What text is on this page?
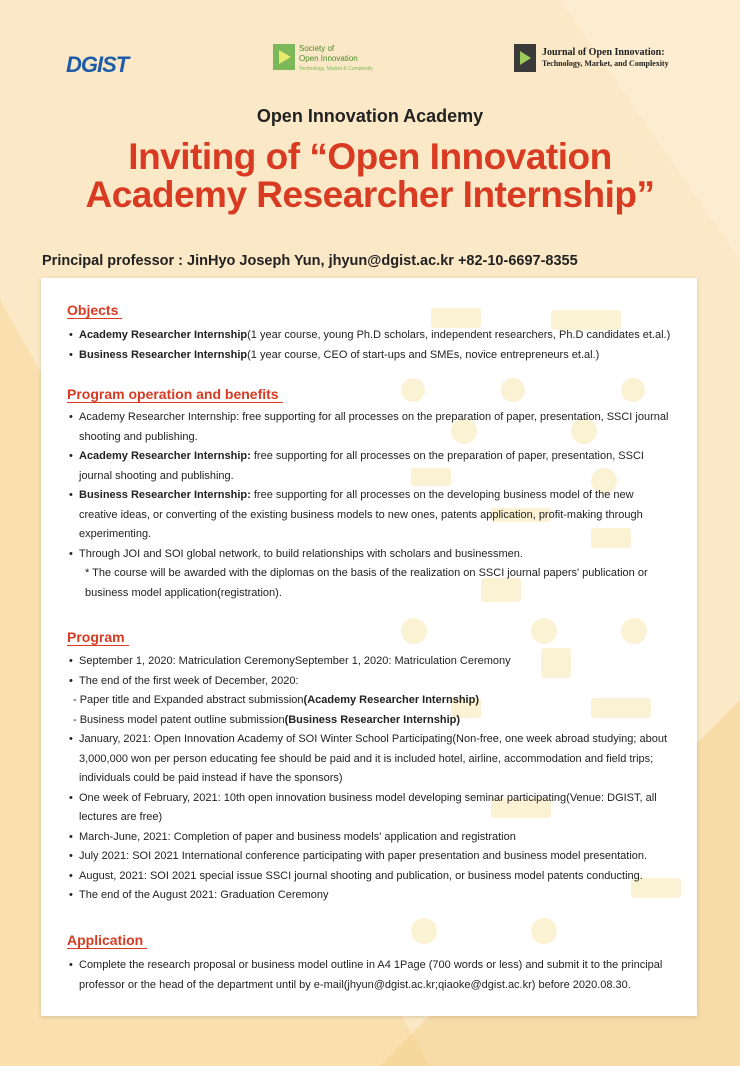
DGIST
Society of
Open Innovation
Technology, Market & Complexity
Journal of Open Innovation:
Technology, Market, and Complexity
Open Innovation Academy
Inviting of “Open Innovation
Academy Researcher Internship”
Principal professor : JinHyo Joseph Yun, jhyun@dgist.ac.kr +82-10-6697-8355
Objects
• Academy Researcher Internship(1 year course, young Ph.D scholars, independent researchers, Ph.D candidates et.al.)
• Business Researcher Internship(1 year course, CEO of start-ups and SMEs, novice entrepreneurs et.al.)
Program operation and benefits
• Academy Researcher Internship: free supporting for all processes on the preparation of paper, presentation, SSCI journal shooting and publishing.
• Academy Researcher Internship: free supporting for all processes on the preparation of paper, presentation, SSCI journal shooting and publishing.
• Business Researcher Internship: free supporting for all processes on the developing business model of the new creative ideas, or converting of the existing business models to new ones, patents application, profit-making through experimenting.
• Through JOI and SOI global network, to build relationships with scholars and businessmen.
* The course will be awarded with the diplomas on the basis of the realization on SSCI journal papers' publication or business model application(registration).
Program
• September 1, 2020: Matriculation CeremonySeptember 1, 2020: Matriculation Ceremony
• The end of the first week of December, 2020:
- Paper title and Expanded abstract submission(Academy Researcher Internship)
- Business model patent outline submission(Business Researcher Internship)
• January, 2021: Open Innovation Academy of SOI Winter School Participating(Non-free, one week abroad studying; about 3,000,000 won per person educating fee should be paid and it is included hotel, airline, accommodation and field trips; individuals could be paid instead if have the sponsors)
• One week of February, 2021: 10th open innovation business model developing seminar participating(Venue: DGIST, all lectures are free)
• March-June, 2021: Completion of paper and business models' application and registration
• July 2021: SOI 2021 International conference participating with paper presentation and business model presentation.
• August, 2021: SOI 2021 special issue SSCI journal shooting and publication, or business model patents conducting.
• The end of the August 2021: Graduation Ceremony
Application
• Complete the research proposal or business model outline in A4 1Page (700 words or less) and submit it to the principal professor or the head of the department until by e-mail(jhyun@dgist.ac.kr;qiaoke@dgist.ac.kr) before 2020.08.30.
